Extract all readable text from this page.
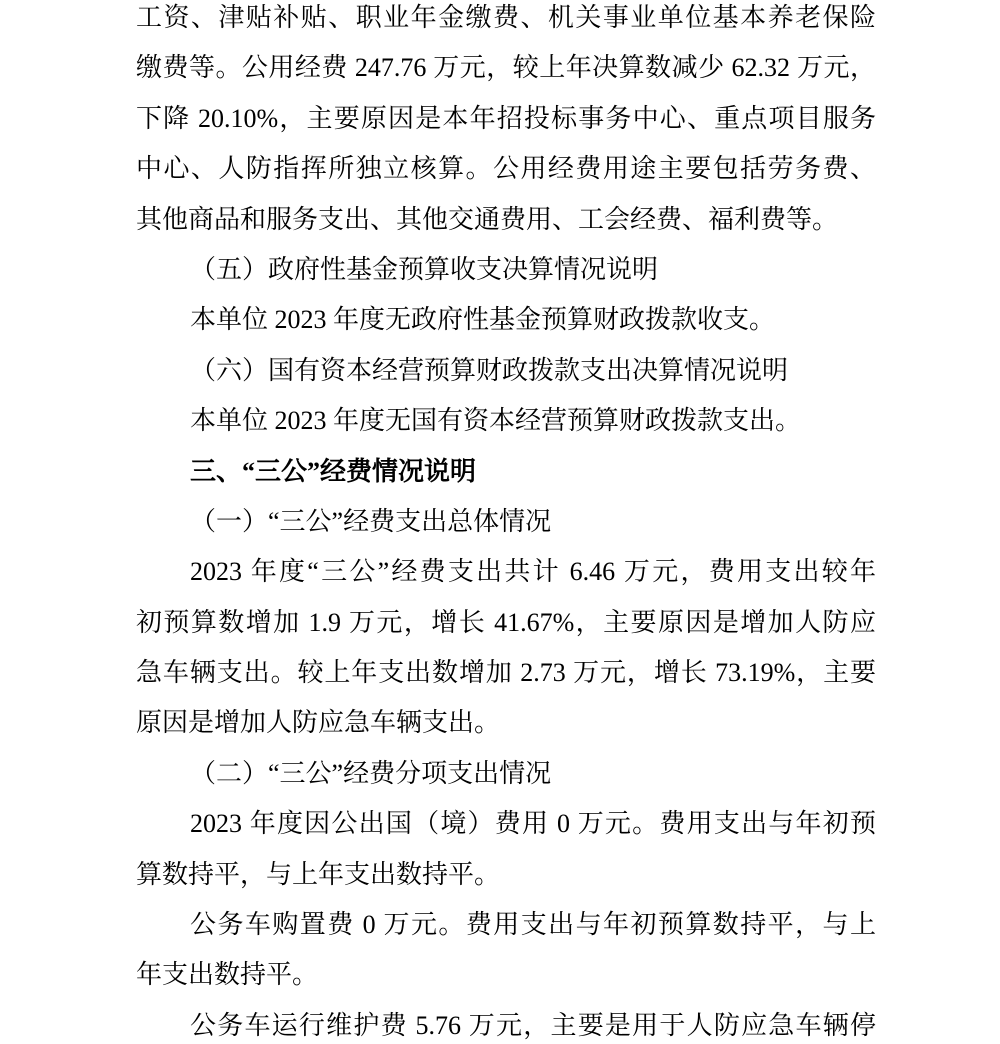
工资、津贴补贴、职业年金缴费、机关事业单位基本养老保险

缴费等。公用经费 247.76 万元，较上年决算数减少 62.32 万元，

下降 20.10%，主要原因是本年招投标事务中心、重点项目服务

中心、人防指挥所独立核算。公用经费用途主要包括劳务费、

其他商品和服务支出、其他交通费用、工会经费、福利费等。

（五）政府性基金预算收支决算情况说明

本单位 2023 年度无政府性基金预算财政拨款收支。

（六）国有资本经营预算财政拨款支出决算情况说明

本单位 2023 年度无国有资本经营预算财政拨款支出。

三、“三公”经费情况说明

（一）“三公”经费支出总体情况

2023 年度“三公”经费支出共计 6.46 万元，费用支出较年

初预算数增加 1.9 万元，增长 41.67%，主要原因是增加人防应

急车辆支出。较上年支出数增加 2.73 万元，增长 73.19%，主要

原因是增加人防应急车辆支出。

（二）“三公”经费分项支出情况

2023 年度因公出国（境）费用 0 万元。费用支出与年初预

算数持平，与上年支出数持平。

公务车购置费 0 万元。费用支出与年初预算数持平，与上

年支出数持平。

公务车运行维护费 5.76 万元，主要是用于人防应急车辆停
